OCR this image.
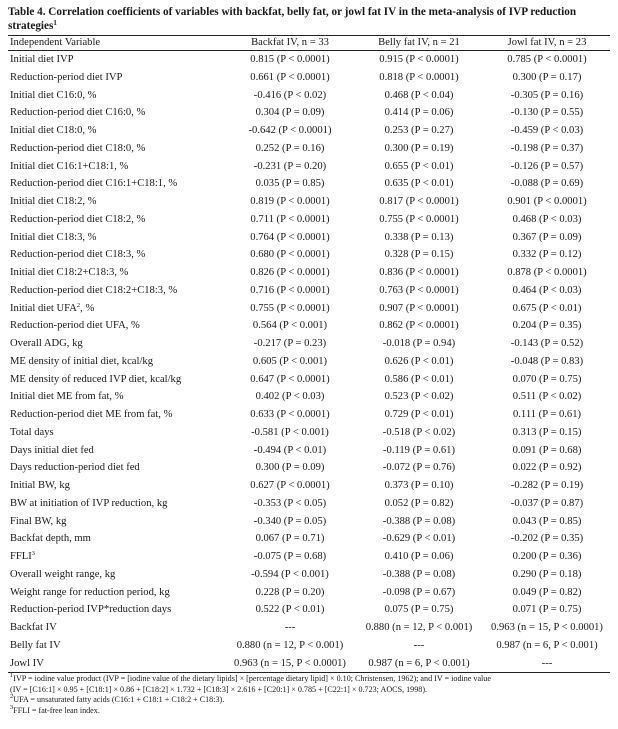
Table 4. Correlation coefficients of variables with backfat, belly fat, or jowl fat IV in the meta-analysis of IVP reduction strategies$^1$
Independent Variable	Backfat IV, n = 33	Belly fat IV, n = 21	Jowl fat IV, n = 23
Initial diet IVP	0.815 (P < 0.0001)	0.915 (P < 0.0001)	0.785 (P < 0.0001)
Reduction-period diet IVP	0.661 (P < 0.0001)	0.818 (P < 0.0001)	0.300 (P = 0.17)
Initial diet C16:0, %	-0.416 (P < 0.02)	0.468 (P < 0.04)	-0.305 (P = 0.16)
Reduction-period diet C16:0, %	0.304 (P = 0.09)	0.414 (P = 0.06)	-0.130 (P = 0.55)
Initial diet C18:0, %	-0.642 (P < 0.0001)	0.253 (P = 0.27)	-0.459 (P < 0.03)
Reduction-period diet C18:0, %	0.252 (P = 0.16)	0.300 (P = 0.19)	-0.198 (P = 0.37)
Initial diet C16:1+C18:1, %	-0.231 (P = 0.20)	0.655 (P < 0.01)	-0.126 (P = 0.57)
Reduction-period diet C16:1+C18:1, %	0.035 (P = 0.85)	0.635 (P < 0.01)	-0.088 (P = 0.69)
Initial diet C18:2, %	0.819 (P < 0.0001)	0.817 (P < 0.0001)	0.901 (P < 0.0001)
Reduction-period diet C18:2, %	0.711 (P < 0.0001)	0.755 (P < 0.0001)	0.468 (P < 0.03)
Initial diet C18:3, %	0.764 (P < 0.0001)	0.338 (P = 0.13)	0.367 (P = 0.09)
Reduction-period diet C18:3, %	0.680 (P < 0.0001)	0.328 (P = 0.15)	0.332 (P = 0.12)
Initial diet C18:2+C18:3, %	0.826 (P < 0.0001)	0.836 (P < 0.0001)	0.878 (P < 0.0001)
Reduction-period diet C18:2+C18:3, %	0.716 (P < 0.0001)	0.763 (P < 0.0001)	0.464 (P < 0.03)
Initial diet UFA$^2$, %	0.755 (P < 0.0001)	0.907 (P < 0.0001)	0.675 (P < 0.01)
Reduction-period diet UFA, %	0.564 (P < 0.001)	0.862 (P < 0.0001)	0.204 (P = 0.35)
Overall ADG, kg	-0.217 (P = 0.23)	-0.018 (P = 0.94)	-0.143 (P = 0.52)
ME density of initial diet, kcal/kg	0.605 (P < 0.001)	0.626 (P < 0.01)	-0.048 (P = 0.83)
ME density of reduced IVP diet, kcal/kg	0.647 (P < 0.0001)	0.586 (P < 0.01)	0.070 (P = 0.75)
Initial diet ME from fat, %	0.402 (P < 0.03)	0.523 (P < 0.02)	0.511 (P < 0.02)
Reduction-period diet ME from fat, %	0.633 (P < 0.0001)	0.729 (P < 0.01)	0.111 (P = 0.61)
Total days	-0.581 (P < 0.001)	-0.518 (P < 0.02)	0.313 (P = 0.15)
Days initial diet fed	-0.494 (P < 0.01)	-0.119 (P = 0.61)	0.091 (P = 0.68)
Days reduction-period diet fed	0.300 (P = 0.09)	-0.072 (P = 0.76)	0.022 (P = 0.92)
Initial BW, kg	0.627 (P < 0.0001)	0.373 (P = 0.10)	-0.282 (P = 0.19)
BW at initiation of IVP reduction, kg	-0.353 (P < 0.05)	0.052 (P = 0.82)	-0.037 (P = 0.87)
Final BW, kg	-0.340 (P = 0.05)	-0.388 (P = 0.08)	0.043 (P = 0.85)
Backfat depth, mm	0.067 (P = 0.71)	-0.629 (P < 0.01)	-0.202 (P = 0.35)
FFLI$^3$	-0.075 (P = 0.68)	0.410 (P = 0.06)	0.200 (P = 0.36)
Overall weight range, kg	-0.594 (P < 0.001)	-0.388 (P = 0.08)	0.290 (P = 0.18)
Weight range for reduction period, kg	0.228 (P = 0.20)	-0.098 (P = 0.67)	0.049 (P = 0.82)
Reduction-period IVP*reduction days	0.522 (P < 0.01)	0.075 (P = 0.75)	0.071 (P = 0.75)
Backfat IV	---	0.880 (n = 12, P < 0.001)	0.963 (n = 15, P < 0.0001)
Belly fat IV	0.880 (n = 12, P < 0.001)	---	0.987 (n = 6, P < 0.001)
Jowl IV	0.963 (n = 15, P < 0.0001)	0.987 (n = 6, P < 0.001)	---
$^1$IVP = iodine value product (IVP = [iodine value of the dietary lipids] × [percentage dietary lipid] × 0.10; Christensen, 1962); and IV = iodine value
(IV = [C16:1] × 0.95 + [C18:1] × 0.86 + [C18:2] × 1.732 + [C18:3] × 2.616 + [C20:1] × 0.785 + [C22:1] × 0.723; AOCS, 1998).
$^2$UFA = unsaturated fatty acids (C16:1 + C18:1 + C18:2 + C18:3).
$^3$FFLI = fat-free lean index.
